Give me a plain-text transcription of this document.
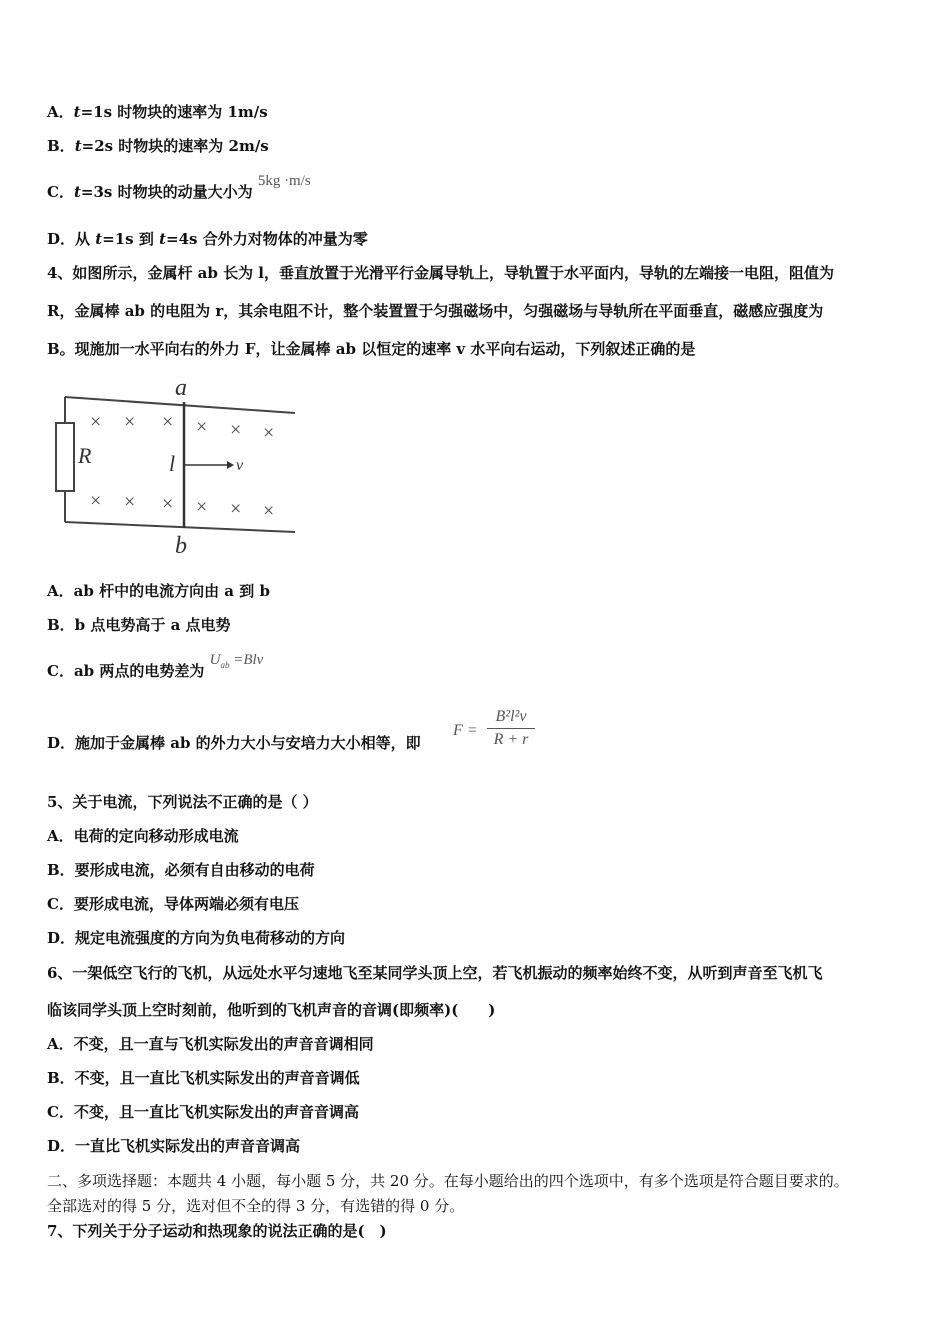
A．t=1s 时物块的速率为 1m/s
B．t=2s 时物块的速率为 2m/s
C．t=3s 时物块的动量大小为 5kg ·m/s
D．从 t=1s 到 t=4s 合外力对物体的冲量为零
4、如图所示，金属杆 ab 长为 l，垂直放置于光滑平行金属导轨上，导轨置于水平面内，导轨的左端接一电阻，阻值为
R，金属棒 ab 的电阻为 r，其余电阻不计，整个装置置于匀强磁场中，匀强磁场与导轨所在平面垂直，磁感应强度为
B。现施加一水平向右的外力 F，让金属棒 ab 以恒定的速率 v 水平向右运动，下列叙述正确的是
R
a
b
l	v
× × × × × ×
× × × × × ×
A．ab 杆中的电流方向由 a 到 b
B．b 点电势高于 a 点电势
C．ab 两点的电势差为 $U_{ab} =Blv$
D．施加于金属棒 ab 的外力大小与安培力大小相等，即
F =
B²l²v
R + r
5、关于电流，下列说法不正确的是（ ）
A．电荷的定向移动形成电流
B．要形成电流，必须有自由移动的电荷
C．要形成电流，导体两端必须有电压
D．规定电流强度的方向为负电荷移动的方向
6、一架低空飞行的飞机，从远处水平匀速地飞至某同学头顶上空，若飞机振动的频率始终不变，从听到声音至飞机飞
临该同学头顶上空时刻前，他听到的飞机声音的音调(即频率)(　　)
A．不变，且一直与飞机实际发出的声音音调相同
B．不变，且一直比飞机实际发出的声音音调低
C．不变，且一直比飞机实际发出的声音音调高
D．一直比飞机实际发出的声音音调高
二、多项选择题：本题共 4 小题，每小题 5 分，共 20 分。在每小题给出的四个选项中，有多个选项是符合题目要求的。
全部选对的得 5 分，选对但不全的得 3 分，有选错的得 0 分。
7、下列关于分子运动和热现象的说法正确的是(　)
